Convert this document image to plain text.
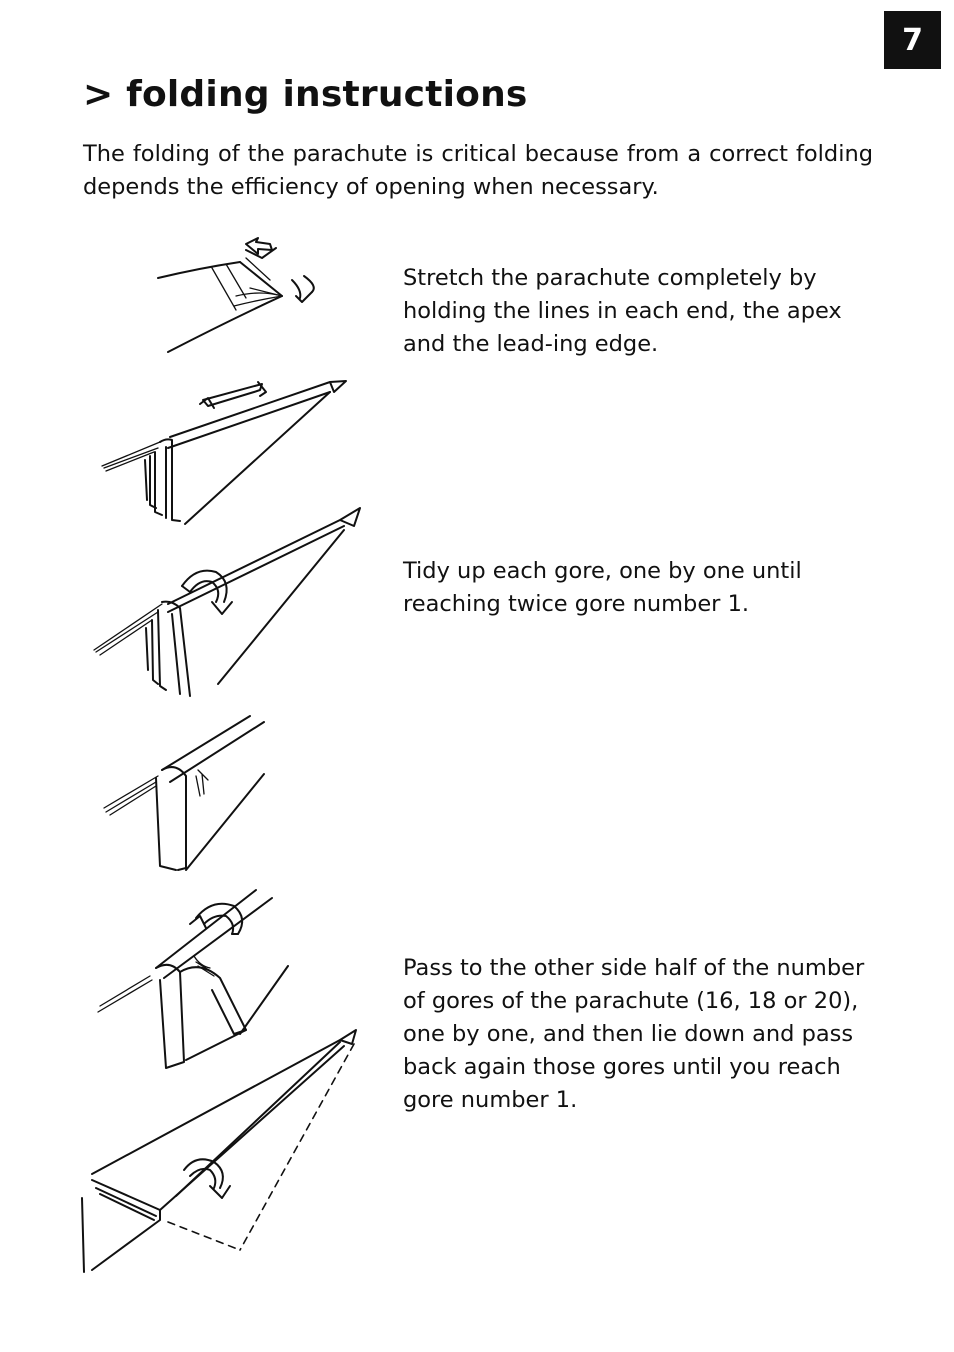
7
> folding instructions

The folding of the parachute is critical because from a correct folding depends the efficiency of opening when necessary.

Stretch the parachute completely by holding the lines in each end, the apex and the lead-ing edge.

Tidy up each gore, one by one until reaching twice gore number 1.

Pass to the other side half of the number of gores of the parachute (16, 18 or 20), one by one, and then lie down and pass back again those gores until you reach gore number 1.
